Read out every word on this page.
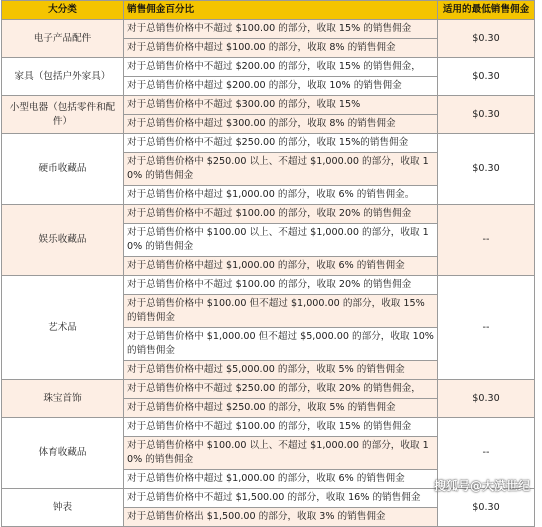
大分类	销售佣金百分比	适用的最低销售佣金
电子产品配件	对于总销售价格中不超过 $100.00 的部分，收取 15% 的销售佣金	$0.30
	对于总销售价格中超过 $100.00 的部分，收取 8% 的销售佣金	
家具（包括户外家具）	对于总销售价格中不超过 $200.00 的部分，收取 15% 的销售佣金，	$0.30
	对于总销售价格中超过 $200.00 的部分，收取 10% 的销售佣金	
小型电器（包括零件和配件）	对于总销售价格中不超过 $300.00 的部分，收取 15%	$0.30
	对于总销售价格中超过 $300.00 的部分，收取 8% 的销售佣金	
硬币收藏品	对于总销售价格中不超过 $250.00 的部分，收取 15%的销售佣金	$0.30
	对于总销售价格中 $250.00 以上、不超过 $1,000.00 的部分，收取 10% 的销售佣金	
	对于总销售价格中超过 $1,000.00 的部分，收取 6% 的销售佣金。	
娱乐收藏品	对于总销售价格中不超过 $100.00 的部分，收取 20% 的销售佣金	--
	对于总销售价格中 $100.00 以上、不超过 $1,000.00 的部分，收取 10% 的销售佣金	
	对于总销售价格中超过 $1,000.00 的部分，收取 6% 的销售佣金	
艺术品	对于总销售价格中不超过 $100.00 的部分，收取 20% 的销售佣金	--
	对于总销售价格中 $100.00 但不超过 $1,000.00 的部分，收取 15% 的销售佣金	
	对于总销售价格中 $1,000.00 但不超过 $5,000.00 的部分，收取 10% 的销售佣金	
	对于总销售价格中超过 $5,000.00 的部分，收取 5% 的销售佣金	
珠宝首饰	对于总销售价格中不超过 $250.00 的部分，收取 20% 的销售佣金，	$0.30
	对于总销售价格中超过 $250.00 的部分，收取 5% 的销售佣金	
体育收藏品	对于总销售价格中不超过 $100.00 的部分，收取 15% 的销售佣金	--
	对于总销售价格中 $100.00 以上、不超过 $1,000.00 的部分，收取 10% 的销售佣金	
	对于总销售价格中超过 $1,000.00 的部分，收取 6% 的销售佣金	
钟表	对于总销售价格中不超过 $1,500.00 的部分，收取 16% 的销售佣金	$0.30
	对于总销售价格出 $1,500.00 的部分，收取 3% 的销售佣金	
搜狐号@大漠世纪
